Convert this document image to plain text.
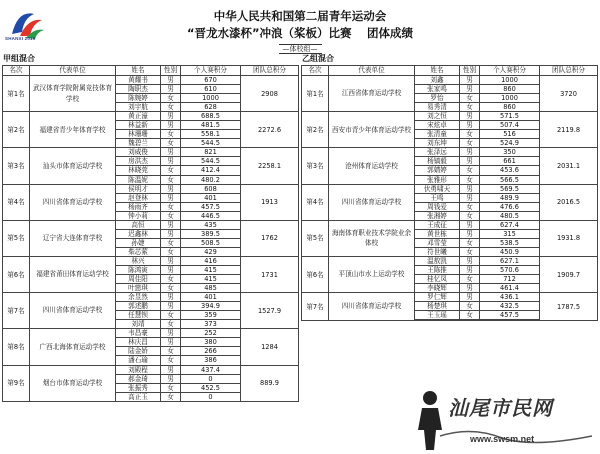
SHANXI 2019
中华人民共和国第二届青年运动会
“晋龙水漆杯”冲浪（桨板）比赛　 团体成绩
—体校组—
甲组混合	乙组混合
名次	代表单位	姓名	性别	个人赛积分	团队总积分
第1名	武汉体育学院附属竞技体育学校	黄耀书	男	670	2908
		陶职杰	男	610	
		陈婉婷	女	1000	
		刘宇航	女	628	
第2名	福建省青少年体育学校	黄正濠	男	688.5	2272.6
		林益新	男	481.5	
		林珊珊	女	558.1	
		魏碧兰	女	544.5	
第3名	汕头市体育运动学校	刘威俊	男	821	2258.1
		房洪杰	男	544.5	
		林晓莞	女	412.4	
		陈温妮	女	480.2	
第4名	四川省体育运动学校	侯明才	男	608	1913
		赵登林	男	401	
		杨雨齐	女	457.5	
		钟小莉	女	446.5	
第5名	辽宁省大连体育学校	高恒	男	435	1762
		迟鑫林	男	389.5	
		孙婕	女	508.5	
		柴芯萦	女	429	
第6名	福建省莆田体育运动学校	林兴	男	416	1731
		陈鸿寅	男	415	
		周佳阳	女	415	
		叶戀琪	女	485	
第7名	四川省体育运动学校	余昱然	男	401	1527.9
		郭述鹏	男	394.9	
		任慧钡	女	359	
		刘靖	女	373	
第8名	广西北海体育运动学校	韦昌豪	男	252	1284
		林庆昌	男	380	
		陆金娇	女	266	
		潘石瑜	女	386	
第9名	烟台市体育运动学校	刘殿程	男	437.4	889.9
		郝金琦	男	0	
		张振秀	女	452.5	
		高正玉	女	0	
名次	代表单位	姓名	性别	个人赛积分	团队总积分
第1名	江西省体育运动学校	刘鑫	男	1000	3720
		张家鸣	男	860	
		罗怡	女	1000	
		易秀清	女	860	
第2名	西安市青少年体育运动学校	刘之恒	男	571.5	2119.8
		宋炫卓	男	507.4	
		张清童	女	516	
		刘东坤	女	524.9	
第3名	沧州体育运动学校	张泽远	男	350	2031.1
		杨镐毅	男	661	
		郭婧婷	女	453.6	
		张雅形	女	566.5	
第4名	四川省体育运动学校	伏勇啸天	男	569.5	2016.5
		王鸣	男	489.9	
		周钱爱	女	476.6	
		张湘婷	女	480.5	
第5名	海南体育职业技术学院业余体校	王成征	男	627.4	1931.8
		黄世栋	男	315	
		邓雪莹	女	538.5	
		符世曦	女	450.9	
第6名	平顶山市水上运动学校	温敖凯	男	627.1	1909.7
		王陈推	男	570.6	
		桂忆凤	女	712	
		李晓辉	男	461.4	
第7名	四川省体育运动学校	罗仁辉	男	436.1	1787.5
		杨楚琪	女	432.5	
		王玉瑶	女	457.5	

汕尾市民网
www.swsm.net
